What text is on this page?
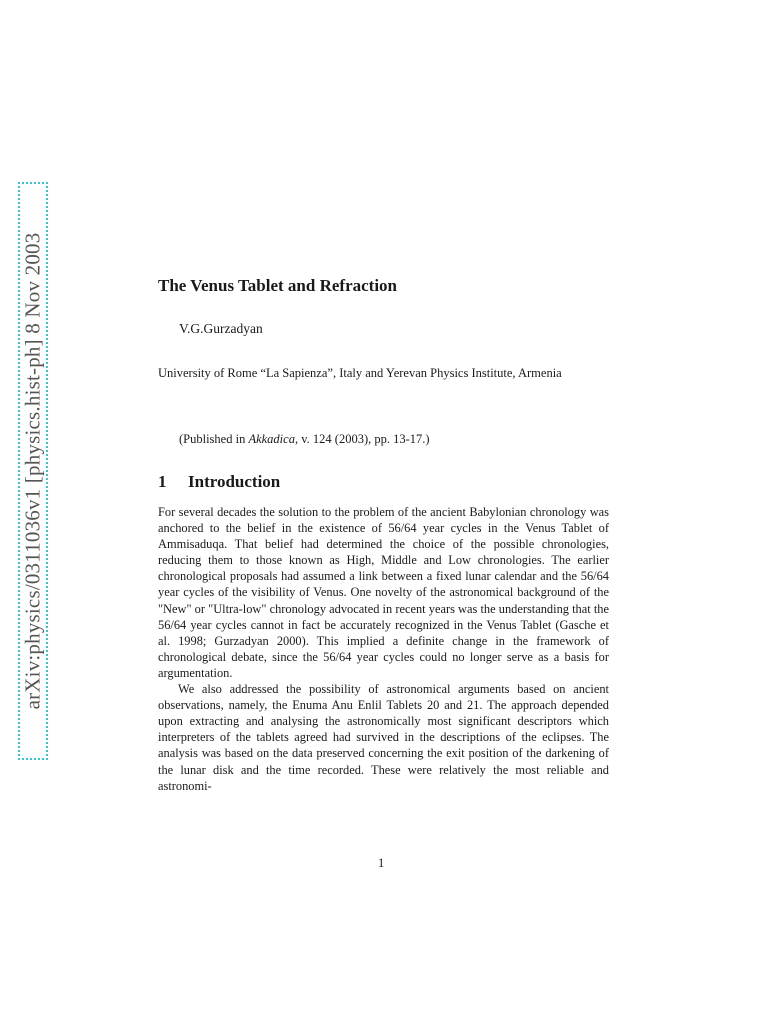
arXiv:physics/0311036v1 [physics.hist-ph] 8 Nov 2003	The Venus Tablet and Refraction
V.G.Gurzadyan
University of Rome “La Sapienza”, Italy and Yerevan Physics Institute, Armenia
(Published in Akkadica, v. 124 (2003), pp. 13-17.)
1 Introduction

For several decades the solution to the problem of the ancient Babylonian chronology was anchored to the belief in the existence of 56/64 year cycles in the Venus Tablet of Ammisaduqa. That belief had determined the choice of the possible chronologies, reducing them to those known as High, Middle and Low chronologies. The earlier chronological proposals had assumed a link between a fixed lunar calendar and the 56/64 year cycles of the visibility of Venus. One novelty of the astronomical background of the "New" or "Ultra-low" chronology advocated in recent years was the understanding that the 56/64 year cycles cannot in fact be accurately recognized in the Venus Tablet (Gasche et al. 1998; Gurzadyan 2000). This implied a definite change in the framework of chronological debate, since the 56/64 year cycles could no longer serve as a basis for argumentation.

We also addressed the possibility of astronomical arguments based on ancient observations, namely, the Enuma Anu Enlil Tablets 20 and 21. The approach depended upon extracting and analysing the astronomically most significant descriptors which interpreters of the tablets agreed had survived in the descriptions of the eclipses. The analysis was based on the data preserved concerning the exit position of the darkening of the lunar disk and the time recorded. These were relatively the most reliable and astronomi-

1
